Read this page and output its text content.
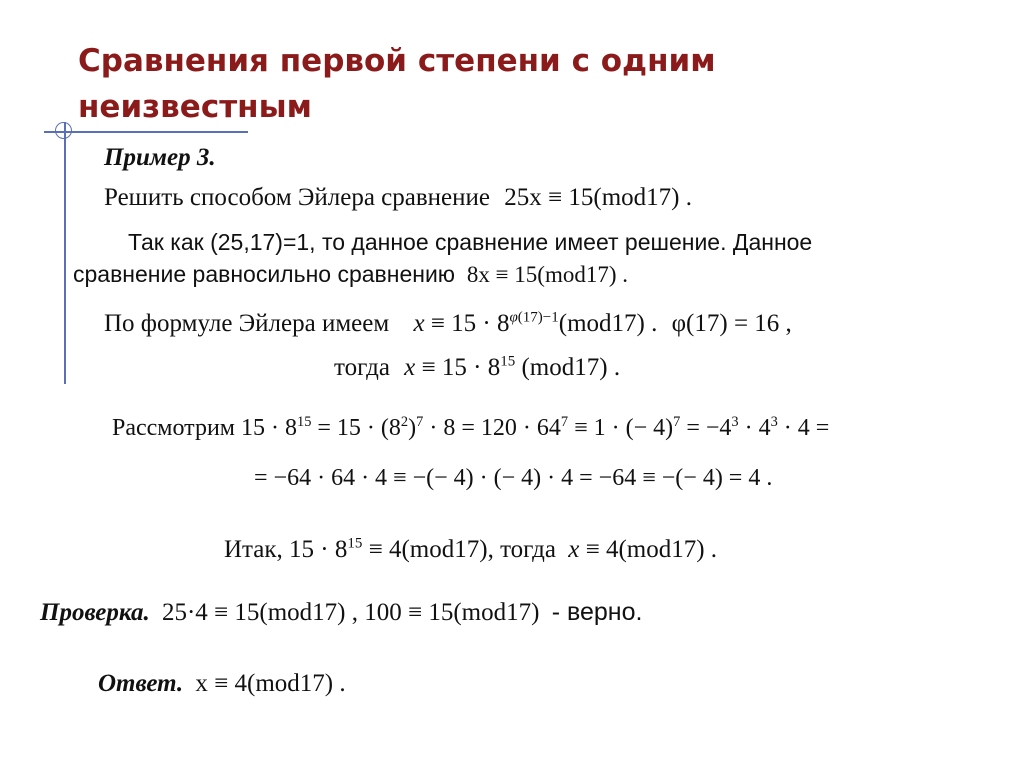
Сравнения первой степени с одним
неизвестным
Пример 3.
Решить способом Эйлера сравнение 25x ≡ 15(mod17) .
Так как (25,17)=1, то данное сравнение имеет решение. Данное
сравнение равносильно сравнению 8x ≡ 15(mod17) .
По формуле Эйлера имеем $x \equiv 15 \cdot 8^{\varphi(17)-1}(mod17)$ . φ(17) = 16 ,
тогда $x \equiv 15 \cdot 8^{15}$ (mod17) .
Рассмотрим $15 \cdot 8^{15} = 15 \cdot (8^2)^7 \cdot 8 = 120 \cdot 64^7 \equiv 1$ · (− $4)^7 = -4^3 \cdot 4^3 \cdot 4$ =
= −64 · 64 · 4 ≡ −(− 4) · (− 4) · 4 = −64 ≡ −(− 4) = 4 .
Итак, $15 \cdot 8^{15} \equiv 4(mod17)$, тогда x ≡ 4(mod17) .
Проверка. 25·4 ≡ 15(mod17) , 100 ≡ 15(mod17) - верно.
Ответ. x ≡ 4(mod17) .
